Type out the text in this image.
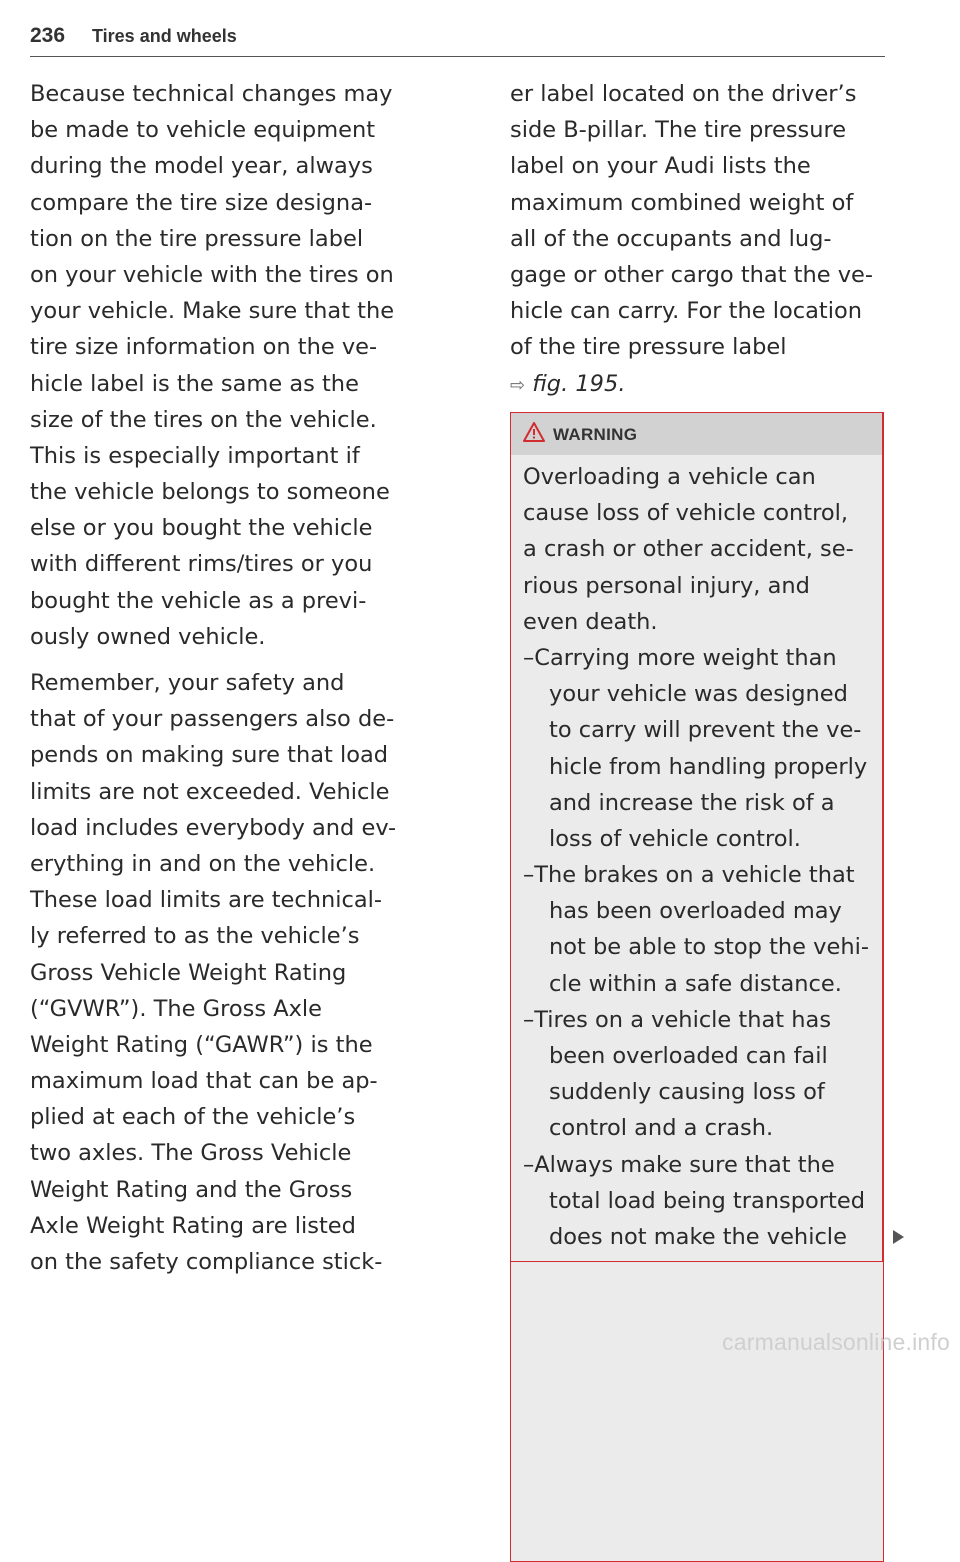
236 Tires and wheels

Because technical changes may

be made to vehicle equipment

during the model year, always

compare the tire size designa-

tion on the tire pressure label

on your vehicle with the tires on

your vehicle. Make sure that the

tire size information on the ve-

hicle label is the same as the

size of the tires on the vehicle.

This is especially important if

the vehicle belongs to someone

else or you bought the vehicle

with different rims/tires or you

bought the vehicle as a previ-

ously owned vehicle.

Remember, your safety and

that of your passengers also de-

pends on making sure that load

limits are not exceeded. Vehicle

load includes everybody and ev-

erything in and on the vehicle.

These load limits are technical-

ly referred to as the vehicle’s

Gross Vehicle Weight Rating

(“GVWR”). The Gross Axle

Weight Rating (“GAWR”) is the

maximum load that can be ap-

plied at each of the vehicle’s

two axles. The Gross Vehicle

Weight Rating and the Gross

Axle Weight Rating are listed

on the safety compliance stick-

er label located on the driver’s

side B-pillar. The tire pressure

label on your Audi lists the

maximum combined weight of

all of the occupants and lug-

gage or other cargo that the ve-

hicle can carry. For the location

of the tire pressure label

⇨ fig. 195.

WARNING

Overloading a vehicle can

cause loss of vehicle control,

a crash or other accident, se-

rious personal injury, and

even death.

–Carrying more weight than

your vehicle was designed

to carry will prevent the ve-

hicle from handling properly

and increase the risk of a

loss of vehicle control.

–The brakes on a vehicle that

has been overloaded may

not be able to stop the vehi-

cle within a safe distance.

–Tires on a vehicle that has

been overloaded can fail

suddenly causing loss of

control and a crash.

–Always make sure that the

total load being transported

does not make the vehicle

carmanualsonline.info
